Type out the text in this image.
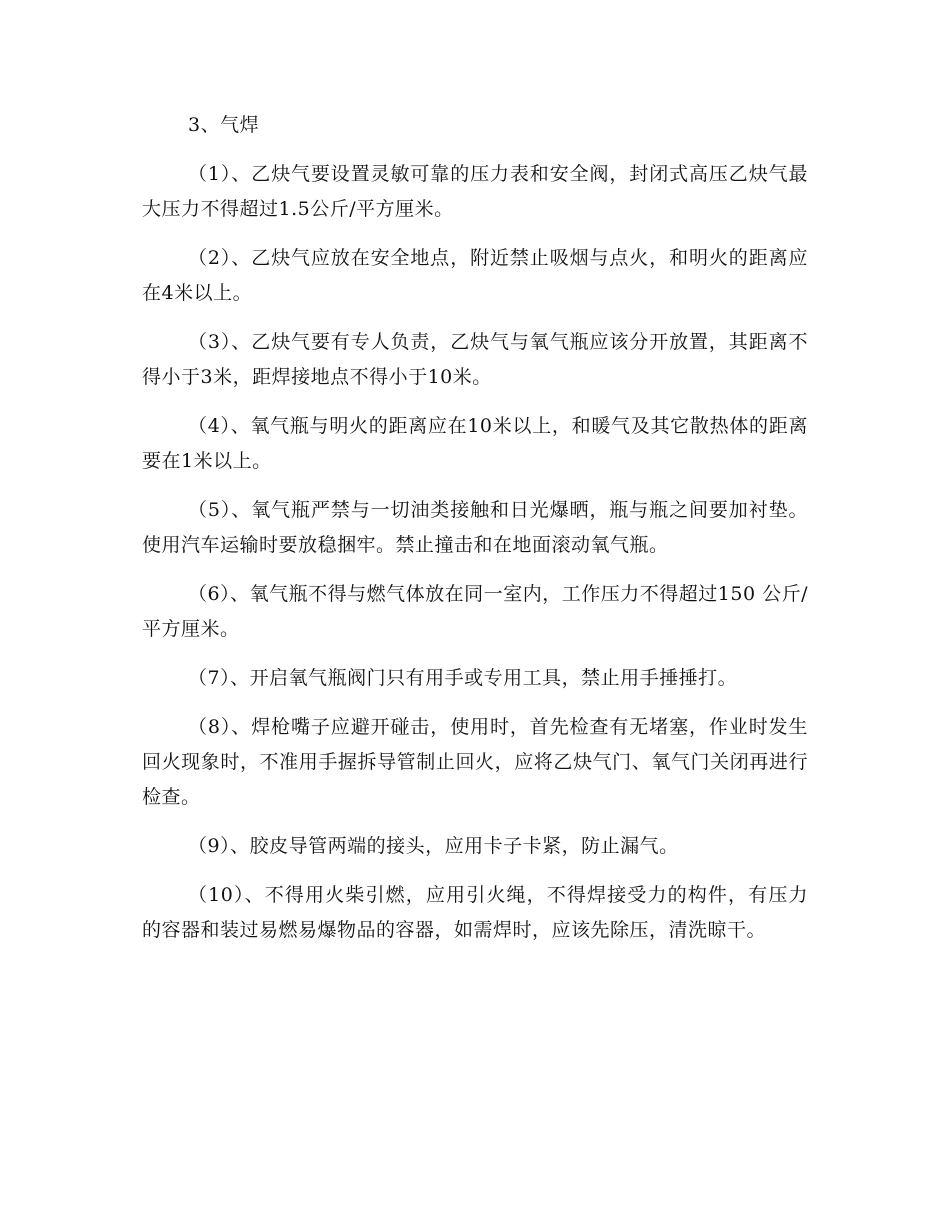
3、气焊

（1）、乙炔气要设置灵敏可靠的压力表和安全阀，封闭式高压乙炔气最大压力不得超过1.5公斤/平方厘米。

（2）、乙炔气应放在安全地点，附近禁止吸烟与点火，和明火的距离应在4米以上。

（3）、乙炔气要有专人负责，乙炔气与氧气瓶应该分开放置，其距离不得小于3米，距焊接地点不得小于10米。

（4）、氧气瓶与明火的距离应在10米以上，和暖气及其它散热体的距离要在1米以上。

（5）、氧气瓶严禁与一切油类接触和日光爆晒，瓶与瓶之间要加衬垫。使用汽车运输时要放稳捆牢。禁止撞击和在地面滚动氧气瓶。

（6）、氧气瓶不得与燃气体放在同一室内，工作压力不得超过150 公斤/平方厘米。

（7）、开启氧气瓶阀门只有用手或专用工具，禁止用手捶捶打。

（8）、焊枪嘴子应避开碰击，使用时，首先检查有无堵塞，作业时发生回火现象时，不准用手握拆导管制止回火，应将乙炔气门、氧气门关闭再进行检查。

（9）、胶皮导管两端的接头，应用卡子卡紧，防止漏气。

（10）、不得用火柴引燃，应用引火绳，不得焊接受力的构件，有压力的容器和装过易燃易爆物品的容器，如需焊时，应该先除压，清洗晾干。
